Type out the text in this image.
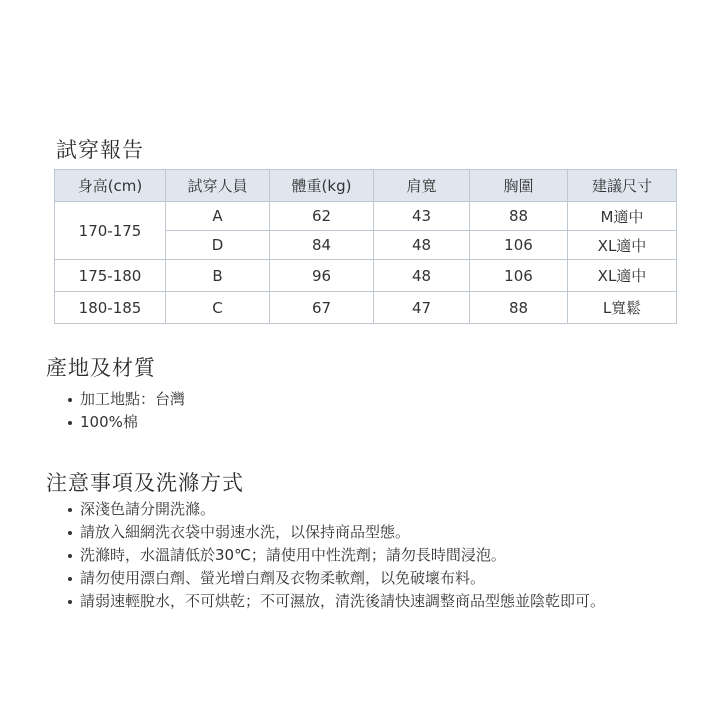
試穿報告
身高(cm)	試穿人員	體重(kg)	肩寬	胸圍	建議尺寸
170-175	A	62	43	88	M適中
	D	84	48	106	XL適中
175-180	B	96	48	106	XL適中
180-185	C	67	47	88	L寬鬆
產地及材質
加工地點：台灣
100%棉
注意事項及洗滌方式
深淺色請分開洗滌。
請放入細網洗衣袋中弱速水洗，以保持商品型態。
洗滌時，水溫請低於30℃；請使用中性洗劑；請勿長時間浸泡。
請勿使用漂白劑、螢光增白劑及衣物柔軟劑，以免破壞布料。
請弱速輕脫水，不可烘乾；不可濕放，清洗後請快速調整商品型態並陰乾即可。
